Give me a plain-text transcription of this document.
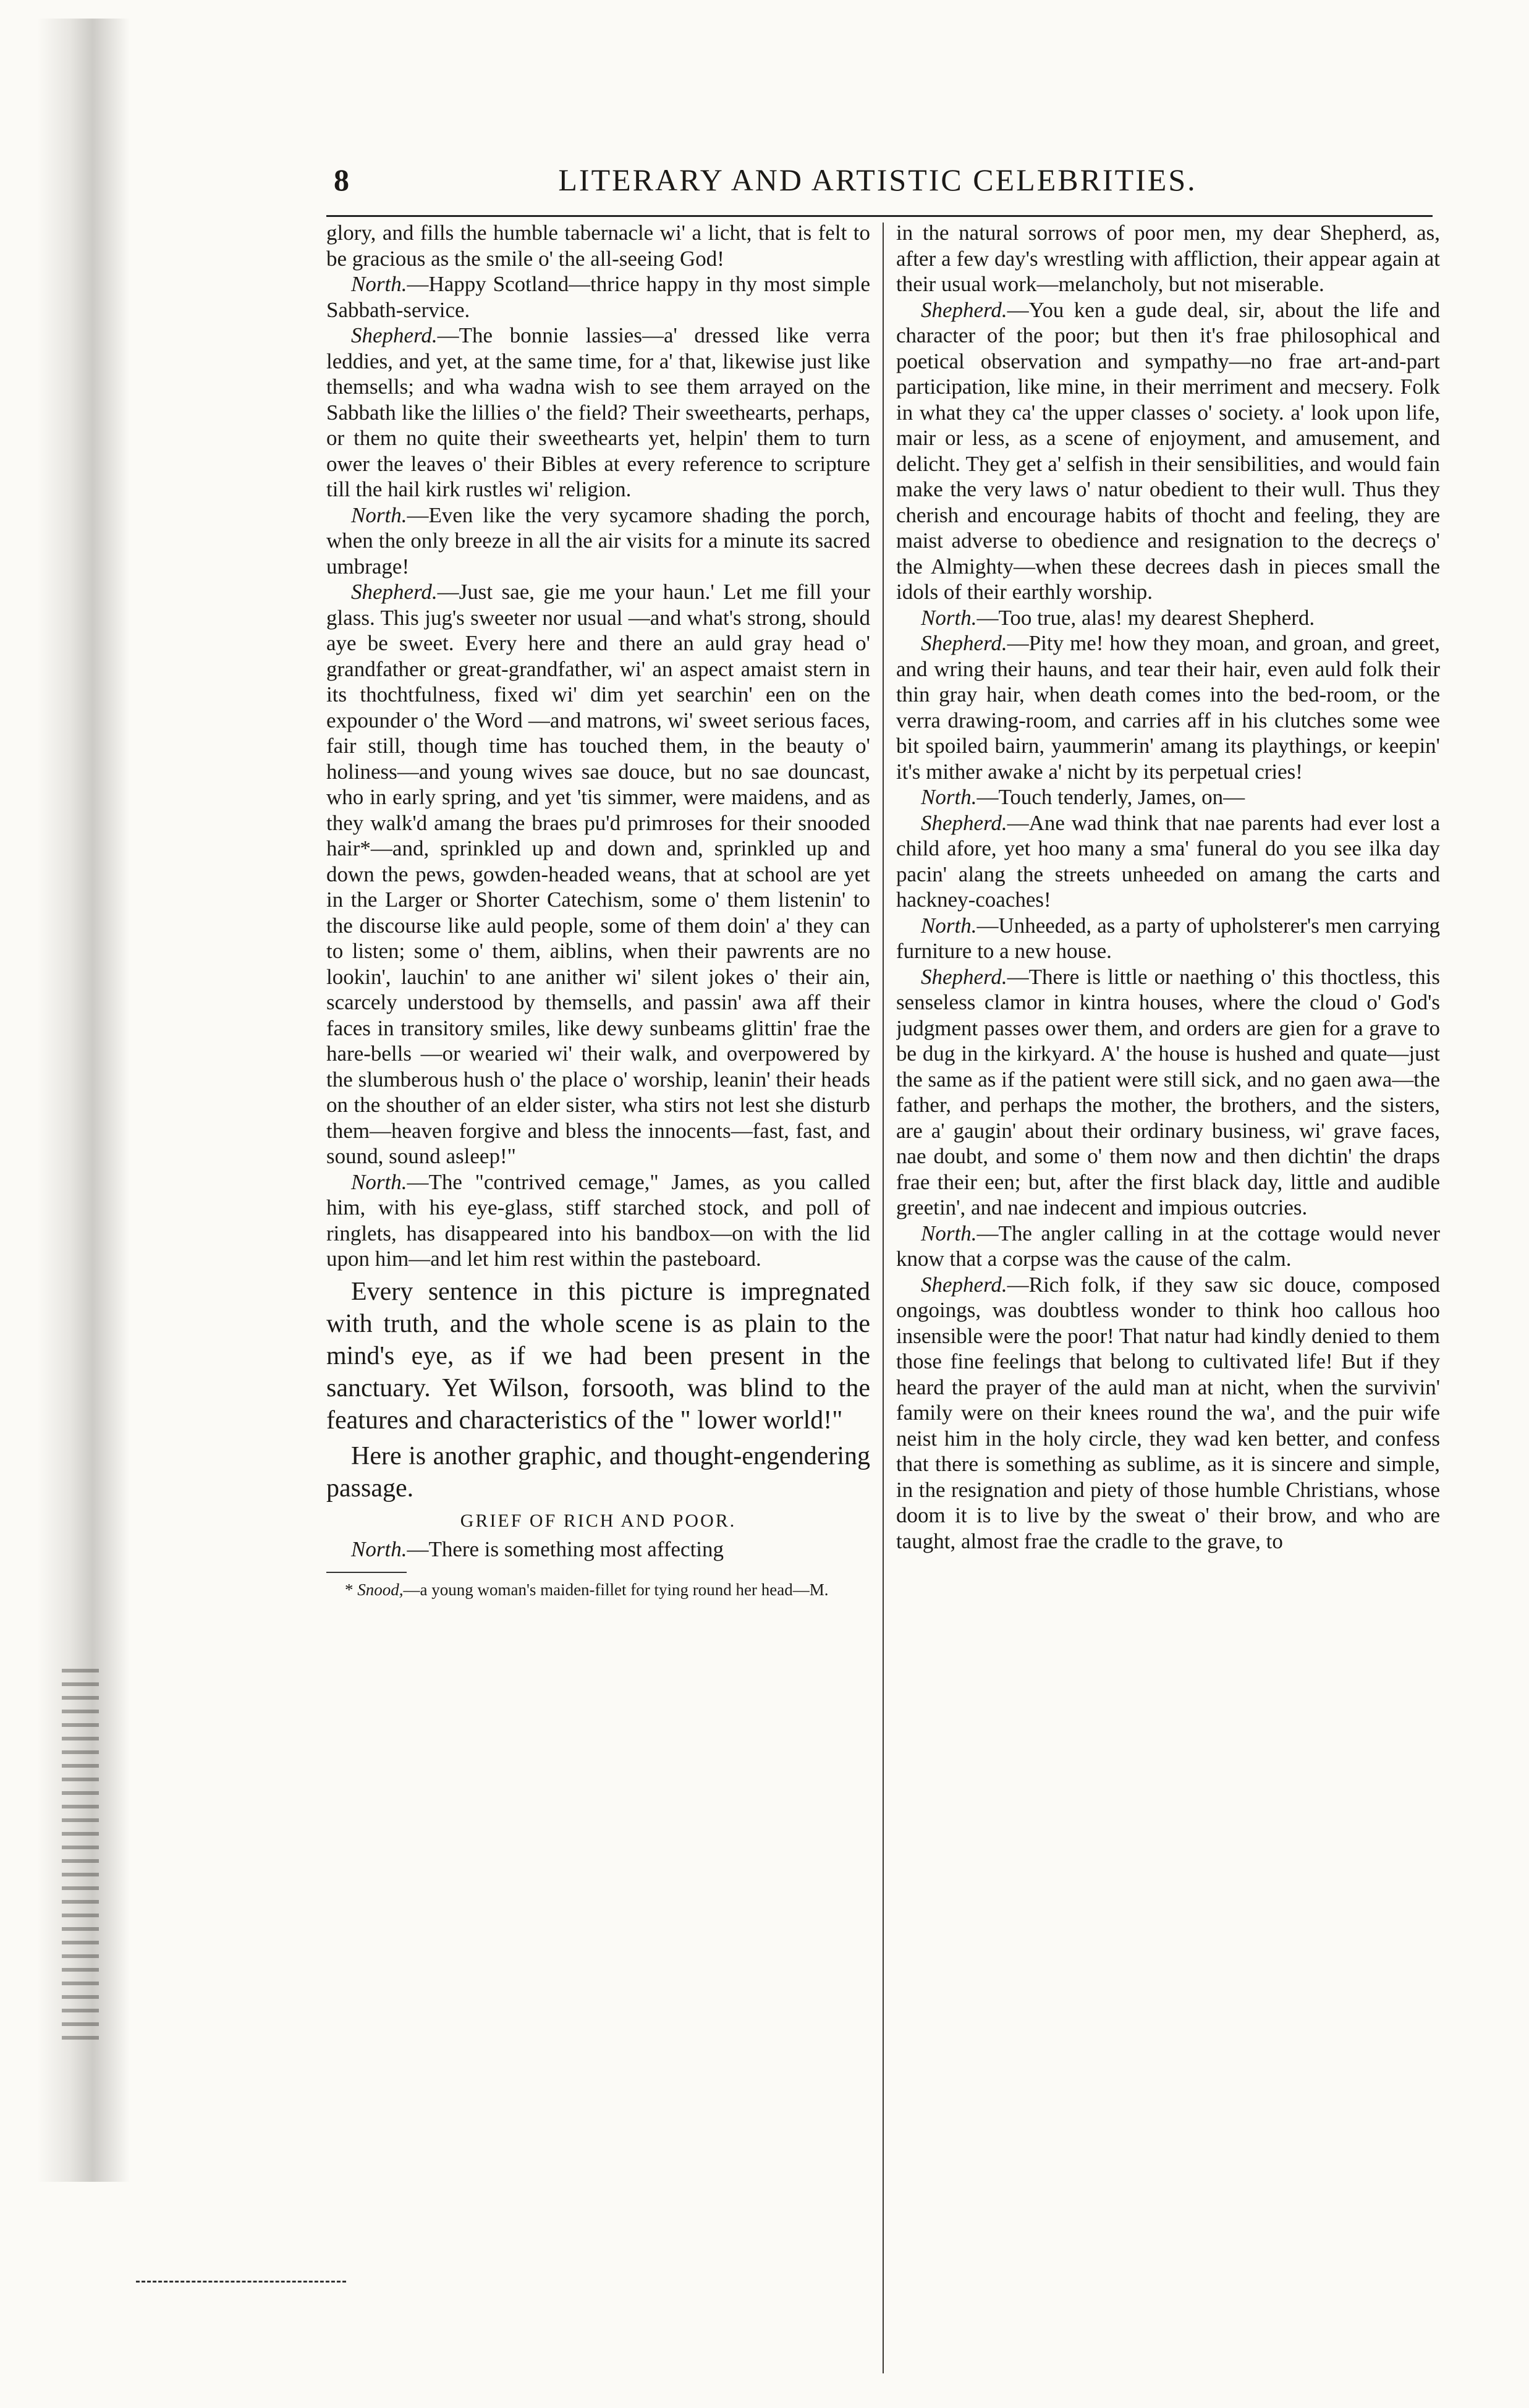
8	LITERARY AND ARTISTIC CELEBRITIES.

glory, and fills the humble tabernacle wi' a licht, that is felt to be gracious as the smile o' the all-seeing God!

North.—Happy Scotland—thrice happy in thy most simple Sabbath-service.

Shepherd.—The bonnie lassies—a' dressed like verra leddies, and yet, at the same time, for a' that, likewise just like themsells; and wha wadna wish to see them arrayed on the Sabbath like the lillies o' the field? Their sweethearts, perhaps, or them no quite their sweethearts yet, helpin' them to turn ower the leaves o' their Bibles at every reference to scripture till the hail kirk rustles wi' religion.

North.—Even like the very sycamore shading the porch, when the only breeze in all the air visits for a minute its sacred umbrage!

Shepherd.—Just sae, gie me your haun.' Let me fill your glass. This jug's sweeter nor usual —and what's strong, should aye be sweet. Every here and there an auld gray head o' grandfather or great-grandfather, wi' an aspect amaist stern in its thochtfulness, fixed wi' dim yet searchin' een on the expounder o' the Word —and matrons, wi' sweet serious faces, fair still, though time has touched them, in the beauty o' holiness—and young wives sae douce, but no sae douncast, who in early spring, and yet 'tis simmer, were maidens, and as they walk'd amang the braes pu'd primroses for their snooded hair*—and, sprinkled up and down and, sprinkled up and down the pews, gowden-headed weans, that at school are yet in the Larger or Shorter Catechism, some o' them listenin' to the discourse like auld people, some of them doin' a' they can to listen; some o' them, aiblins, when their pawrents are no lookin', lauchin' to ane anither wi' silent jokes o' their ain, scarcely understood by themsells, and passin' awa aff their faces in transitory smiles, like dewy sunbeams glittin' frae the hare-bells —or wearied wi' their walk, and overpowered by the slumberous hush o' the place o' worship, leanin' their heads on the shouther of an elder sister, wha stirs not lest she disturb them—heaven forgive and bless the innocents—fast, fast, and sound, sound asleep!"

North.—The "contrived cemage," James, as you called him, with his eye-glass, stiff starched stock, and poll of ringlets, has disappeared into his bandbox—on with the lid upon him—and let him rest within the pasteboard.

Every sentence in this picture is impregnated with truth, and the whole scene is as plain to the mind's eye, as if we had been present in the sanctuary. Yet Wilson, forsooth, was blind to the features and characteristics of the " lower world!"

Here is another graphic, and thought-engendering passage.

GRIEF OF RICH AND POOR.

North.—There is something most affecting

* Snood,—a young woman's maiden-fillet for tying round her head—M.

in the natural sorrows of poor men, my dear Shepherd, as, after a few day's wrestling with affliction, their appear again at their usual work—melancholy, but not miserable.

Shepherd.—You ken a gude deal, sir, about the life and character of the poor; but then it's frae philosophical and poetical observation and sympathy—no frae art-and-part participation, like mine, in their merriment and mecsery. Folk in what they ca' the upper classes o' society. a' look upon life, mair or less, as a scene of enjoyment, and amusement, and delicht. They get a' selfish in their sensibilities, and would fain make the very laws o' natur obedient to their wull. Thus they cherish and encourage habits of thocht and feeling, they are maist adverse to obedience and resignation to the decreçs o' the Almighty—when these decrees dash in pieces small the idols of their earthly worship.

North.—Too true, alas! my dearest Shepherd.

Shepherd.—Pity me! how they moan, and groan, and greet, and wring their hauns, and tear their hair, even auld folk their thin gray hair, when death comes into the bed-room, or the verra drawing-room, and carries aff in his clutches some wee bit spoiled bairn, yaummerin' amang its playthings, or keepin' it's mither awake a' nicht by its perpetual cries!

North.—Touch tenderly, James, on—

Shepherd.—Ane wad think that nae parents had ever lost a child afore, yet hoo many a sma' funeral do you see ilka day pacin' alang the streets unheeded on amang the carts and hackney-coaches!

North.—Unheeded, as a party of upholsterer's men carrying furniture to a new house.

Shepherd.—There is little or naething o' this thoctless, this senseless clamor in kintra houses, where the cloud o' God's judgment passes ower them, and orders are gien for a grave to be dug in the kirkyard. A' the house is hushed and quate—just the same as if the patient were still sick, and no gaen awa—the father, and perhaps the mother, the brothers, and the sisters, are a' gaugin' about their ordinary business, wi' grave faces, nae doubt, and some o' them now and then dichtin' the draps frae their een; but, after the first black day, little and audible greetin', and nae indecent and impious outcries.

North.—The angler calling in at the cottage would never know that a corpse was the cause of the calm.

Shepherd.—Rich folk, if they saw sic douce, composed ongoings, was doubtless wonder to think hoo callous hoo insensible were the poor! That natur had kindly denied to them those fine feelings that belong to cultivated life! But if they heard the prayer of the auld man at nicht, when the survivin' family were on their knees round the wa', and the puir wife neist him in the holy circle, they wad ken better, and confess that there is something as sublime, as it is sincere and simple, in the resignation and piety of those humble Christians, whose doom it is to live by the sweat o' their brow, and who are taught, almost frae the cradle to the grave, to
